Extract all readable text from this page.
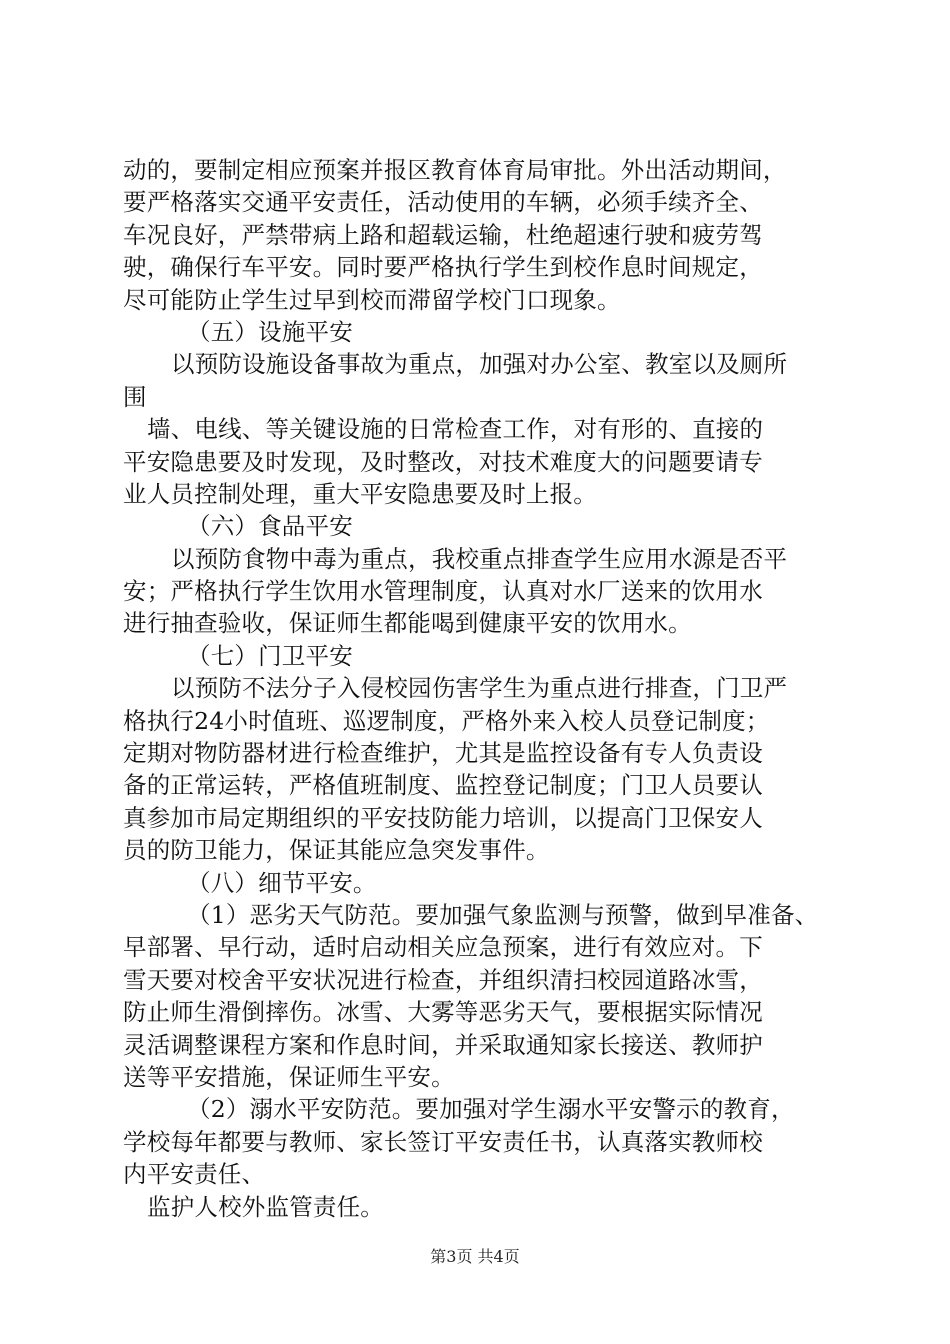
动的，要制定相应预案并报区教育体育局审批。外出活动期间，
要严格落实交通平安责任，活动使用的车辆，必须手续齐全、
车况良好，严禁带病上路和超载运输，杜绝超速行驶和疲劳驾
驶，确保行车平安。同时要严格执行学生到校作息时间规定，
尽可能防止学生过早到校而滞留学校门口现象。
（五）设施平安
以预防设施设备事故为重点，加强对办公室、教室以及厕所
围
墙、电线、等关键设施的日常检查工作，对有形的、直接的
平安隐患要及时发现，及时整改，对技术难度大的问题要请专
业人员控制处理，重大平安隐患要及时上报。
（六）食品平安
以预防食物中毒为重点，我校重点排查学生应用水源是否平
安；严格执行学生饮用水管理制度，认真对水厂送来的饮用水
进行抽查验收，保证师生都能喝到健康平安的饮用水。
（七）门卫平安
以预防不法分子入侵校园伤害学生为重点进行排查，门卫严
格执行24小时值班、巡逻制度，严格外来入校人员登记制度；
定期对物防器材进行检查维护，尤其是监控设备有专人负责设
备的正常运转，严格值班制度、监控登记制度；门卫人员要认
真参加市局定期组织的平安技防能力培训，以提高门卫保安人
员的防卫能力，保证其能应急突发事件。
（八）细节平安。
（1）恶劣天气防范。要加强气象监测与预警，做到早准备、
早部署、早行动，适时启动相关应急预案，进行有效应对。下
雪天要对校舍平安状况进行检查，并组织清扫校园道路冰雪，
防止师生滑倒摔伤。冰雪、大雾等恶劣天气，要根据实际情况
灵活调整课程方案和作息时间，并采取通知家长接送、教师护
送等平安措施，保证师生平安。
（2）溺水平安防范。要加强对学生溺水平安警示的教育，
学校每年都要与教师、家长签订平安责任书，认真落实教师校
内平安责任、
监护人校外监管责任。
第3页 共4页
